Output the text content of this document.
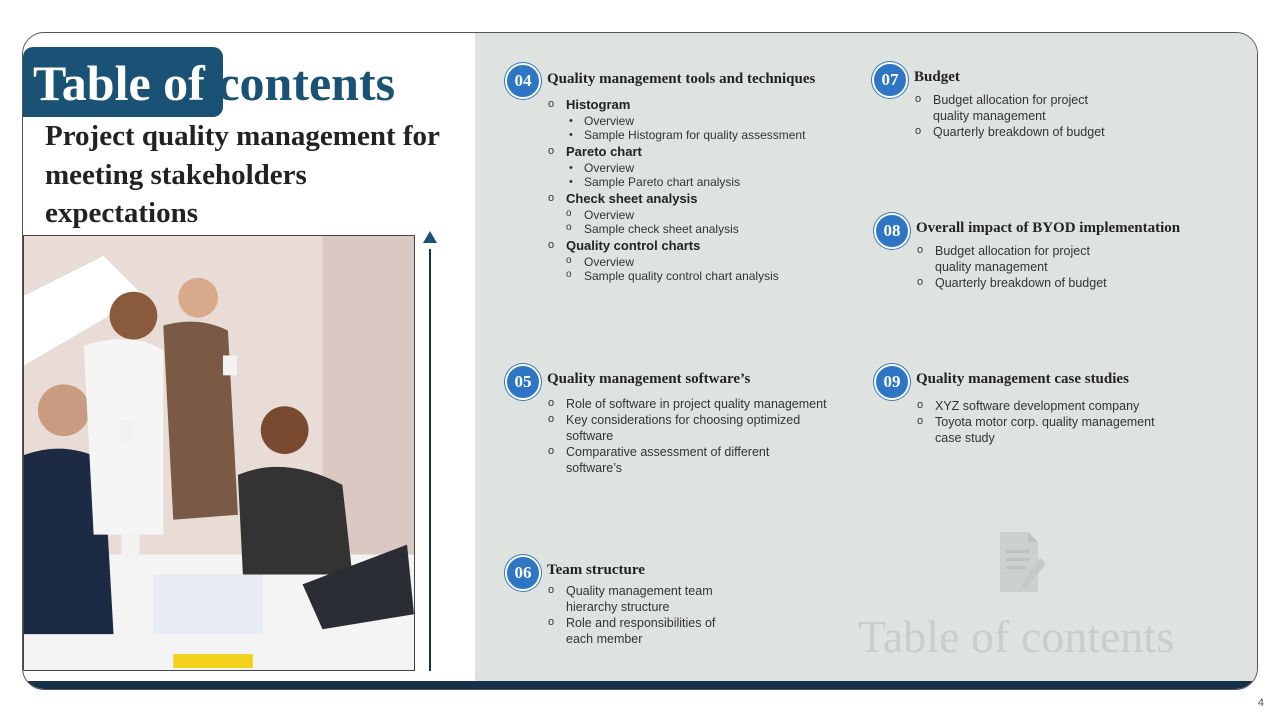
Table of contents
Project quality management for meeting stakeholders expectations
04	Quality management tools and techniques
o Histogram
• Overview
• Sample Histogram for quality assessment
o Pareto chart
• Overview
• Sample Pareto chart analysis
o Check sheet analysis
o Overview
o Sample check sheet analysis
o Quality control charts
o Overview
o Sample quality control chart analysis
05	Quality management software’s
o Role of software in project quality management
o Key considerations for choosing optimized software
o Comparative assessment of different software’s
06	Team structure
o Quality management team hierarchy structure
o Role and responsibilities of each member
07	Budget
o Budget allocation for project quality management
o Quarterly breakdown of budget
08	Overall impact of BYOD implementation
o Budget allocation for project quality management
o Quarterly breakdown of budget
09	Quality management case studies
o XYZ software development company
o Toyota motor corp. quality management case study
Table of contents
4
